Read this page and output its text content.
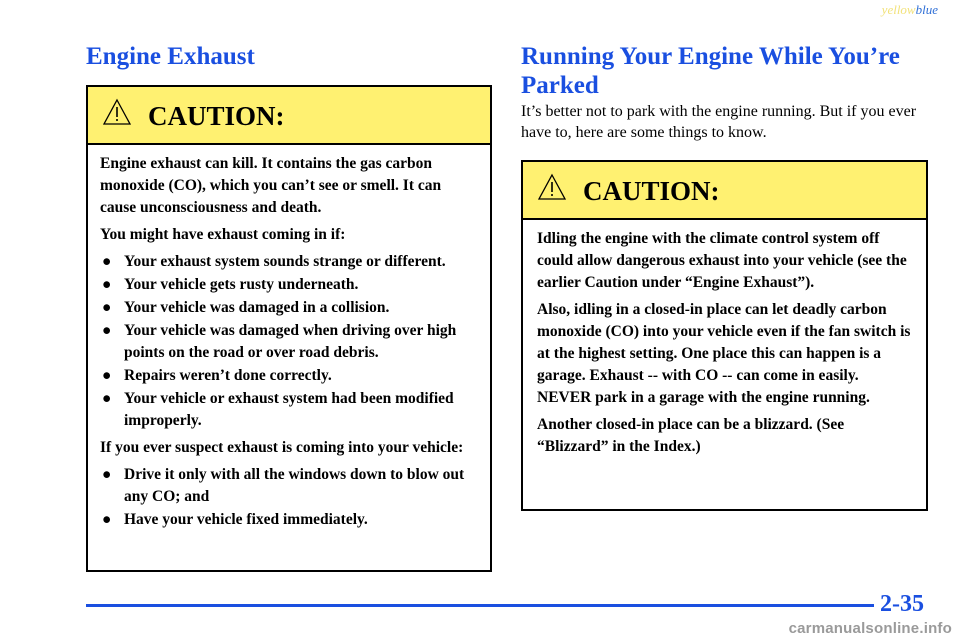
yellowblue
Engine Exhaust
CAUTION:

Engine exhaust can kill. It contains the gas carbon monoxide (CO), which you can’t see or smell. It can cause unconsciousness and death.

You might have exhaust coming in if:

● Your exhaust system sounds strange or different.
● Your vehicle gets rusty underneath.
● Your vehicle was damaged in a collision.
● Your vehicle was damaged when driving over high points on the road or over road debris.
● Repairs weren’t done correctly.
● Your vehicle or exhaust system had been modified improperly.

If you ever suspect exhaust is coming into your vehicle:

● Drive it only with all the windows down to blow out any CO; and
● Have your vehicle fixed immediately.
Running Your Engine While You’re Parked

It’s better not to park with the engine running. But if you ever have to, here are some things to know.

CAUTION:

Idling the engine with the climate control system off could allow dangerous exhaust into your vehicle (see the earlier Caution under “Engine Exhaust”).

Also, idling in a closed-in place can let deadly carbon monoxide (CO) into your vehicle even if the fan switch is at the highest setting. One place this can happen is a garage. Exhaust -- with CO -- can come in easily. NEVER park in a garage with the engine running.

Another closed-in place can be a blizzard. (See “Blizzard” in the Index.)

2-35
carmanualsonline.info
